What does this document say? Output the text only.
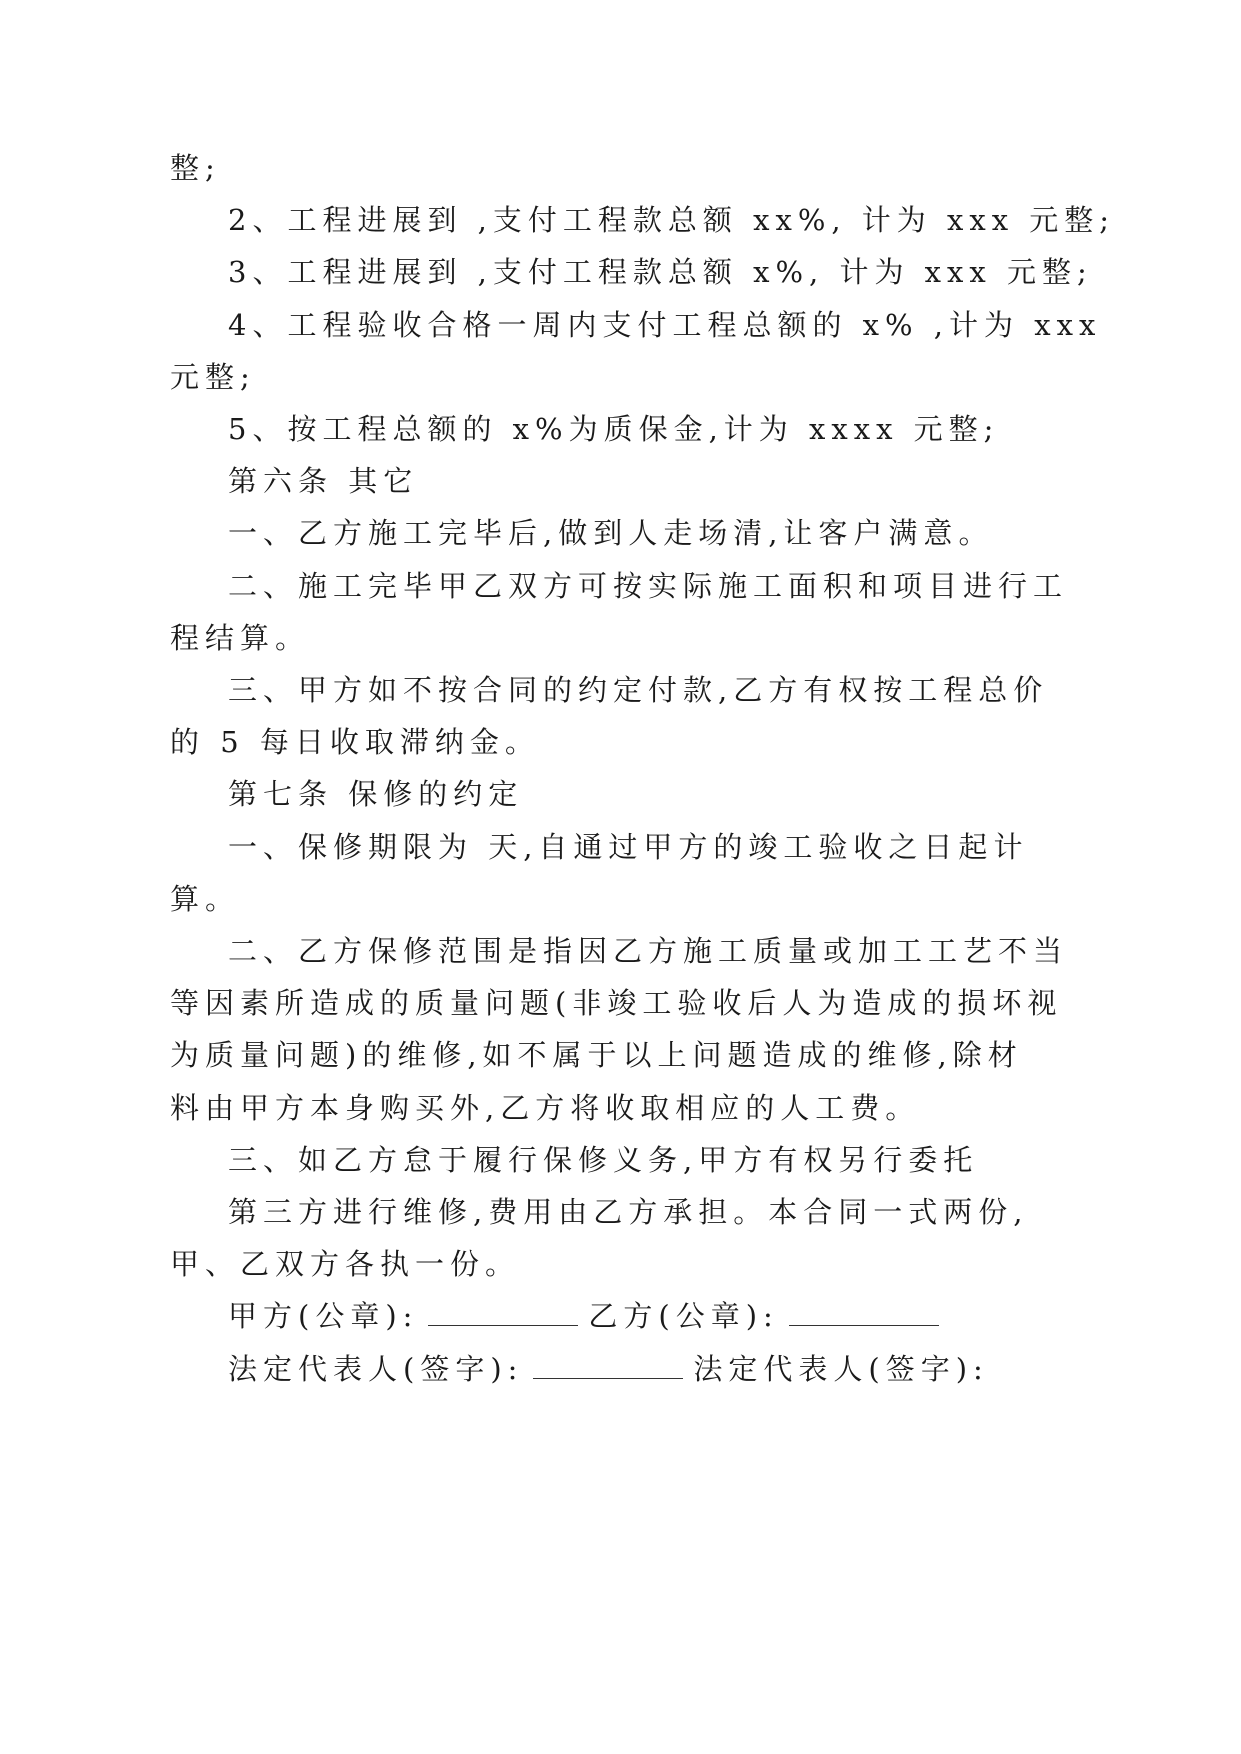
整;
2、工程进展到 ,支付工程款总额 xx%, 计为 xxx 元整;
3、工程进展到 ,支付工程款总额 x%, 计为 xxx 元整;
4、工程验收合格一周内支付工程总额的 x% ,计为 xxx
元整;
5、按工程总额的 x%为质保金,计为 xxxx 元整;
第六条 其它
一、乙方施工完毕后,做到人走场清,让客户满意。
二、施工完毕甲乙双方可按实际施工面积和项目进行工
程结算。
三、甲方如不按合同的约定付款,乙方有权按工程总价
的 5 每日收取滞纳金。
第七条 保修的约定
一、保修期限为 天,自通过甲方的竣工验收之日起计
算。
二、乙方保修范围是指因乙方施工质量或加工工艺不当
等因素所造成的质量问题(非竣工验收后人为造成的损坏视
为质量问题)的维修,如不属于以上问题造成的维修,除材
料由甲方本身购买外,乙方将收取相应的人工费。
三、如乙方怠于履行保修义务,甲方有权另行委托
第三方进行维修,费用由乙方承担。本合同一式两份,
甲、乙双方各执一份。
甲方(公章):	乙方(公章):
法定代表人(签字):	法定代表人(签字):
